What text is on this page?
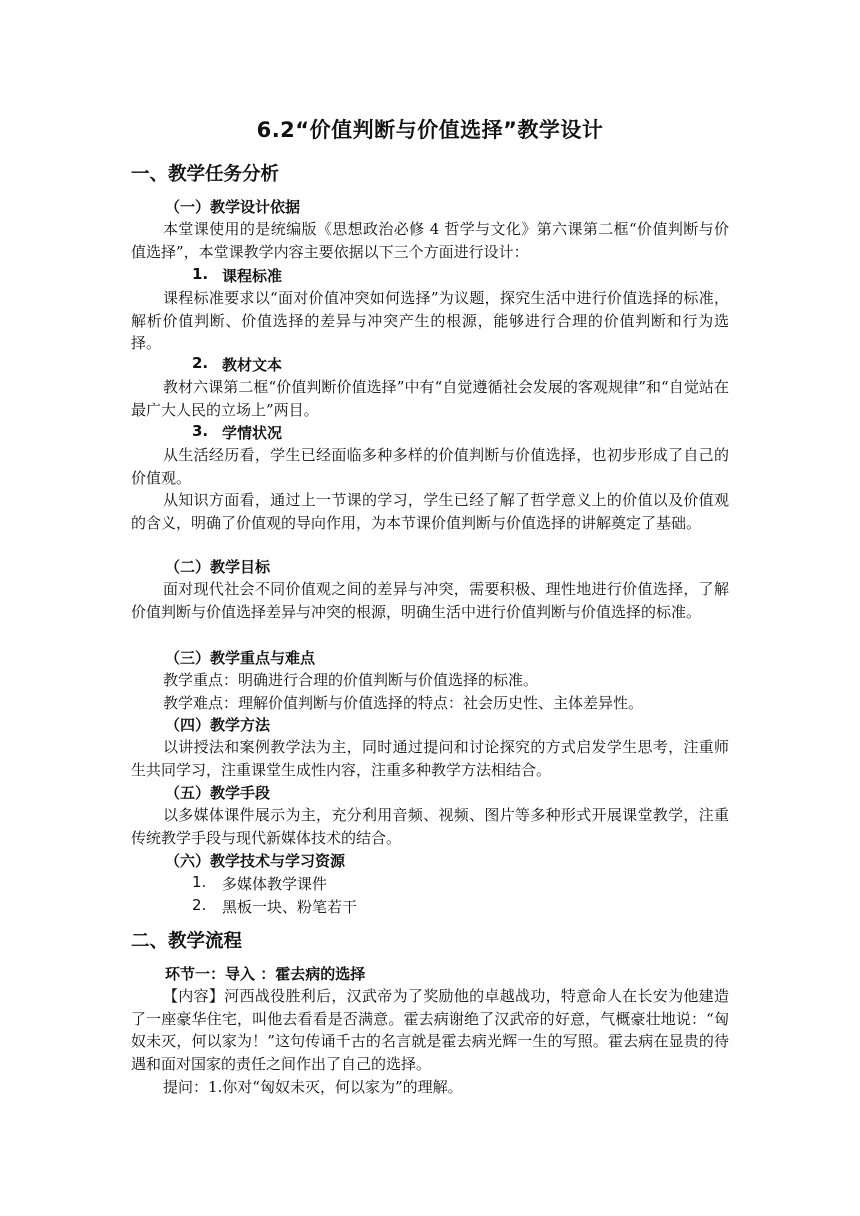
6.2“价值判断与价值选择”教学设计
一、教学任务分析
（一）教学设计依据
本堂课使用的是统编版《思想政治必修 4 哲学与文化》第六课第二框“价值判断与价值选择”，本堂课教学内容主要依据以下三个方面进行设计：
1. 课程标准
课程标准要求以“面对价值冲突如何选择”为议题，探究生活中进行价值选择的标准，解析价值判断、价值选择的差异与冲突产生的根源，能够进行合理的价值判断和行为选择。
2. 教材文本
教材六课第二框“价值判断价值选择”中有“自觉遵循社会发展的客观规律”和“自觉站在最广大人民的立场上”两目。
3. 学情状况
从生活经历看，学生已经面临多种多样的价值判断与价值选择，也初步形成了自己的价值观。
从知识方面看，通过上一节课的学习，学生已经了解了哲学意义上的价值以及价值观的含义，明确了价值观的导向作用，为本节课价值判断与价值选择的讲解奠定了基础。
（二）教学目标
面对现代社会不同价值观之间的差异与冲突，需要积极、理性地进行价值选择，了解价值判断与价值选择差异与冲突的根源，明确生活中进行价值判断与价值选择的标准。
（三）教学重点与难点
教学重点：明确进行合理的价值判断与价值选择的标准。
教学难点：理解价值判断与价值选择的特点：社会历史性、主体差异性。
（四）教学方法
以讲授法和案例教学法为主，同时通过提问和讨论探究的方式启发学生思考，注重师生共同学习，注重课堂生成性内容，注重多种教学方法相结合。
（五）教学手段
以多媒体课件展示为主，充分利用音频、视频、图片等多种形式开展课堂教学，注重传统教学手段与现代新媒体技术的结合。
（六）教学技术与学习资源
1. 多媒体教学课件
2. 黑板一块、粉笔若干
二、教学流程
环节一：导入 ：霍去病的选择
【内容】河西战役胜利后，汉武帝为了奖励他的卓越战功，特意命人在长安为他建造了一座豪华住宅，叫他去看看是否满意。霍去病谢绝了汉武帝的好意，气概豪壮地说：“匈奴未灭，何以家为！”这句传诵千古的名言就是霍去病光辉一生的写照。霍去病在显贵的待遇和面对国家的责任之间作出了自己的选择。
提问：1.你对“匈奴未灭，何以家为”的理解。
